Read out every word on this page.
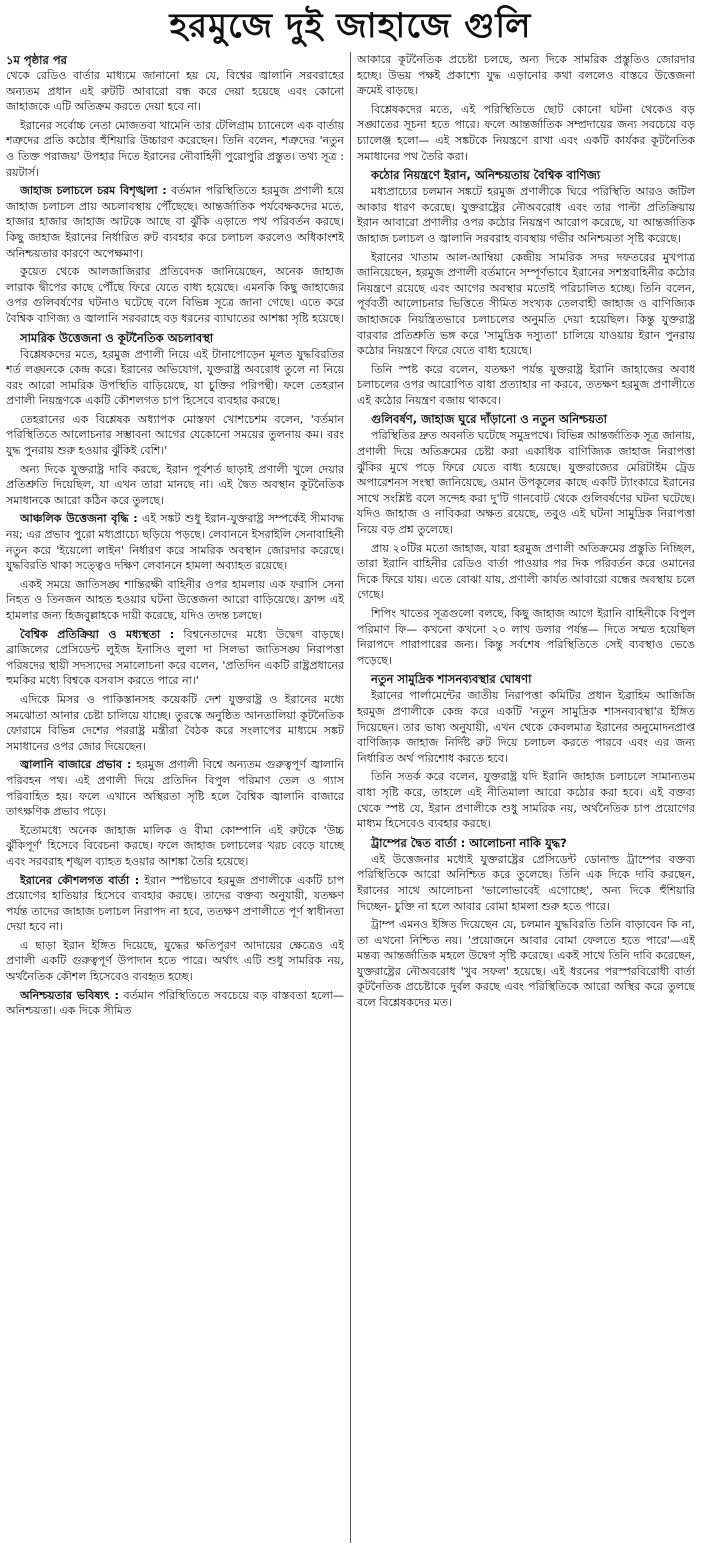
হরমুজে দুই জাহাজে গুলি
১ম পৃষ্ঠার পর

থেকে রেডিও বার্তার মাধ্যমে জানানো হয় যে, বিশ্বের জ্বালানি সরবরাহের অন্যতম প্রধান এই রুটটি আবারো বন্ধ করে দেয়া হয়েছে এবং কোনো জাহাজকে এটি অতিক্রম করতে দেয়া হবে না।

ইরানের সর্বোচ্চ নেতা মোজতবা খামেনি তার টেলিগ্রাম চ্যানেলে এক বার্তায় শত্রুদের প্রতি কঠোর হুঁশিয়ারি উচ্চারণ করেছেন। তিনি বলেন, শত্রুদের 'নতুন ও তিক্ত পরাজয়' উপহার দিতে ইরানের নৌবাহিনী পুরোপুরি প্রস্তুত। তথ্য সূত্র : রয়টার্স।

জাহাজ চলাচলে চরম বিশৃঙ্খলা : বর্তমান পরিস্থিতিতে হরমুজ প্রণালী হয়ে জাহাজ চলাচল প্রায় অচলাবস্থায় পৌঁছেছে। আন্তর্জাতিক পর্যবেক্ষকদের মতে, হাজার হাজার জাহাজ আটকে আছে বা ঝুঁকি এড়াতে পথ পরিবর্তন করছে। কিছু জাহাজ ইরানের নির্ধারিত রুট ব্যবহার করে চলাচল করলেও অধিকাংশই অনিশ্চয়তার কারণে অপেক্ষমাণ।

কুয়েত থেকে আলজাজিরার প্রতিবেদক জানিয়েছেন, অনেক জাহাজ লারাক দ্বীপের কাছে পৌঁছে ফিরে যেতে বাধ্য হয়েছে। এমনকি কিছু জাহাজের ওপর গুলিবর্ষণের ঘটনাও ঘটেছে বলে বিভিন্ন সূত্রে জানা গেছে। এতে করে বৈশ্বিক বাণিজ্য ও জ্বালানি সরবরাহে বড় ধরনের ব্যাঘাতের আশঙ্কা সৃষ্টি হয়েছে।

সামরিক উত্তেজনা ও কূটনৈতিক অচলাবস্থা

বিশ্লেষকদের মতে, হরমুজ প্রণালী নিয়ে এই টানাপোড়েন মূলত যুদ্ধবিরতির শর্ত লঙ্ঘনকে কেন্দ্র করে। ইরানের অভিযোগ, যুক্তরাষ্ট্র অবরোধ তুলে না নিয়ে বরং আরো সামরিক উপস্থিতি বাড়িয়েছে, যা চুক্তির পরিপন্থী। ফলে তেহরান প্রণালী নিয়ন্ত্রণকে একটি কৌশলগত চাপ হিসেবে ব্যবহার করছে।

তেহরানের এক বিশ্লেষক অধ্যাপক মোস্তফা খোশচেশম বলেন, 'বর্তমান পরিস্থিতিতে আলোচনার সম্ভাবনা আগের যেকোনো সময়ের তুলনায় কম। বরং যুদ্ধ পুনরায় শুরু হওয়ার ঝুঁকিই বেশি।'

অন্য দিকে যুক্তরাষ্ট্র দাবি করছে, ইরান পূর্বশর্ত ছাড়াই প্রণালী খুলে দেয়ার প্রতিশ্রুতি দিয়েছিল, যা এখন তারা মানছে না। এই দ্বৈত অবস্থান কূটনৈতিক সমাধানকে আরো কঠিন করে তুলছে।

আঞ্চলিক উত্তেজনা বৃদ্ধি : এই সঙ্কট শুধু ইরান-যুক্তরাষ্ট্র সম্পর্কেই সীমাবদ্ধ নয়; এর প্রভাব পুরো মধ্যপ্রাচ্যে ছড়িয়ে পড়ছে। লেবাননে ইসরাইলি সেনাবাহিনী নতুন করে 'ইয়েলো লাইন' নির্ধারণ করে সামরিক অবস্থান জোরদার করেছে। যুদ্ধবিরতি থাকা সত্ত্বেও দক্ষিণ লেবাননে হামলা অব্যাহত রয়েছে।

একই সময়ে জাতিসঙ্ঘ শান্তিরক্ষী বাহিনীর ওপর হামলায় এক ফরাসি সেনা নিহত ও তিনজন আহত হওয়ার ঘটনা উত্তেজনা আরো বাড়িয়েছে। ফ্রান্স এই হামলার জন্য হিজবুল্লাহকে দায়ী করেছে, যদিও তদন্ত চলছে।

বৈশ্বিক প্রতিক্রিয়া ও মধ্যস্থতা : বিশ্বনেতাদের মধ্যে উদ্বেগ বাড়ছে। ব্রাজিলের প্রেসিডেন্ট লুইজ ইনাসিও লুলা দা সিলভা জাতিসঙ্ঘ নিরাপত্তা পরিষদের স্থায়ী সদস্যদের সমালোচনা করে বলেন, 'প্রতিদিন একটি রাষ্ট্রপ্রধানের হুমকির মধ্যে বিশ্বকে বসবাস করতে পারে না।'

এদিকে মিসর ও পাকিস্তানসহ কয়েকটি দেশ যুক্তরাষ্ট্র ও ইরানের মধ্যে সমঝোতা আনার চেষ্টা চালিয়ে যাচ্ছে। তুরস্কে অনুষ্ঠিত আনতালিয়া কূটনৈতিক ফোরামে বিভিন্ন দেশের পররাষ্ট্র মন্ত্রীরা বৈঠক করে সংলাপের মাধ্যমে সঙ্কট সমাধানের ওপর জোর দিয়েছেন।

জ্বালানি বাজারে প্রভাব : হরমুজ প্রণালী বিশ্বে অন্যতম গুরুত্বপূর্ণ জ্বালানি পরিবহন পথ। এই প্রণালী দিয়ে প্রতিদিন বিপুল পরিমাণ তেল ও গ্যাস পরিবাহিত হয়। ফলে এখানে অস্থিরতা সৃষ্টি হলে বৈশ্বিক জ্বালানি বাজারে তাৎক্ষণিক প্রভাব পড়ে।

ইতোমধ্যে অনেক জাহাজ মালিক ও বীমা কোম্পানি এই রুটকে 'উচ্চ ঝুঁকিপূর্ণ' হিসেবে বিবেচনা করছে। ফলে জাহাজ চলাচলের খরচ বেড়ে যাচ্ছে এবং সরবরাহ শৃঙ্খল ব্যাহত হওয়ার আশঙ্কা তৈরি হয়েছে।

ইরানের কৌশলগত বার্তা : ইরান স্পষ্টভাবে হরমুজ প্রণালীকে একটি চাপ প্রয়োগের হাতিয়ার হিসেবে ব্যবহার করছে। তাদের বক্তব্য অনুযায়ী, যতক্ষণ পর্যন্ত তাদের জাহাজ চলাচল নিরাপদ না হবে, ততক্ষণ প্রণালীতে পূর্ণ স্বাধীনতা দেয়া হবে না।

এ ছাড়া ইরান ইঙ্গিত দিয়েছে, যুদ্ধের ক্ষতিপূরণ আদায়ের ক্ষেত্রেও এই প্রণালী একটি গুরুত্বপূর্ণ উপাদান হতে পারে। অর্থাৎ এটি শুধু সামরিক নয়, অর্থনৈতিক কৌশল হিসেবেও ব্যবহৃত হচ্ছে।

অনিশ্চয়তার ভবিষ্যৎ : বর্তমান পরিস্থিতিতে সবচেয়ে বড় বাস্তবতা হলো— অনিশ্চয়তা। এক দিকে সীমিত

আকারে কূটনৈতিক প্রচেষ্টা চলছে, অন্য দিকে সামরিক প্রস্তুতিও জোরদার হচ্ছে। উভয় পক্ষই প্রকাশ্যে যুদ্ধ এড়ানোর কথা বললেও বাস্তবে উত্তেজনা ক্রমেই বাড়ছে।

বিশ্লেষকদের মতে, এই পরিস্থিতিতে ছোট কোনো ঘটনা থেকেও বড় সঙ্ঘাতের সূচনা হতে পারে। ফলে আন্তর্জাতিক সম্প্রদায়ের জন্য সবচেয়ে বড় চ্যালেঞ্জ হলো— এই সঙ্কটকে নিয়ন্ত্রণে রাখা এবং একটি কার্যকর কূটনৈতিক সমাধানের পথ তৈরি করা।

কঠোর নিয়ন্ত্রণে ইরান, অনিশ্চয়তায় বৈশ্বিক বাণিজ্য

মধ্যপ্রাচ্যের চলমান সঙ্কটে হরমুজ প্রণালীকে ঘিরে পরিস্থিতি আরও জটিল আকার ধারণ করেছে। যুক্তরাষ্ট্রের নৌঅবরোধ এবং তার পাল্টা প্রতিক্রিয়ায় ইরান আবারো প্রণালীর ওপর কঠোর নিয়ন্ত্রণ আরোপ করেছে, যা আন্তর্জাতিক জাহাজ চলাচল ও জ্বালানি সরবরাহ ব্যবস্থায় গভীর অনিশ্চয়তা সৃষ্টি করেছে।

ইরানের খাতাম আল-আম্বিয়া কেন্দ্রীয় সামরিক সদর দফতরের মুখপাত্র জানিয়েছেন, হরমুজ প্রণালী বর্তমানে সম্পূর্ণভাবে ইরানের সশস্ত্রবাহিনীর কঠোর নিয়ন্ত্রণে রয়েছে এবং আগের অবস্থার মতোই পরিচালিত হচ্ছে। তিনি বলেন, পূর্ববর্তী আলোচনার ভিত্তিতে সীমিত সংখ্যক তেলবাহী জাহাজ ও বাণিজ্যিক জাহাজকে নিয়ন্ত্রিতভাবে চলাচলের অনুমতি দেয়া হয়েছিল। কিন্তু যুক্তরাষ্ট্র বারবার প্রতিশ্রুতি ভঙ্গ করে 'সামুদ্রিক দস্যুতা' চালিয়ে যাওয়ায় ইরান পুনরায় কঠোর নিয়ন্ত্রণে ফিরে যেতে বাধ্য হয়েছে।

তিনি স্পষ্ট করে বলেন, যতক্ষণ পর্যন্ত যুক্তরাষ্ট্র ইরানি জাহাজের অবাধ চলাচলের ওপর আরোপিত বাধা প্রত্যাহার না করবে, ততক্ষণ হরমুজ প্রণালীতে এই কঠোর নিয়ন্ত্রণ বজায় থাকবে।

গুলিবর্ষণ, জাহাজ ঘুরে দাঁড়ানো ও নতুন অনিশ্চয়তা

পরিস্থিতির দ্রুত অবনতি ঘটেছে সমুদ্রপথে। বিভিন্ন আন্তর্জাতিক সূত্র জানায়, প্রণালী দিয়ে অতিক্রমের চেষ্টা করা একাধিক বাণিজ্যিক জাহাজ নিরাপত্তা ঝুঁকির মুখে পড়ে ফিরে যেতে বাধ্য হয়েছে। যুক্তরাজ্যের মেরিটাইম ট্রেড অপারেশনস সংস্থা জানিয়েছে, ওমান উপকূলের কাছে একটি ট্যাংকারে ইরানের সাথে সংশ্লিষ্ট বলে সন্দেহ করা দু'টি গানবোট থেকে গুলিবর্ষণের ঘটনা ঘটেছে। যদিও জাহাজ ও নাবিকরা অক্ষত রয়েছে, তবুও এই ঘটনা সামুদ্রিক নিরাপত্তা নিয়ে বড় প্রশ্ন তুলেছে।

প্রায় ২০টির মতো জাহাজ, যারা হরমুজ প্রণালী অতিক্রমের প্রস্তুতি নিচ্ছিল, তারা ইরানি বাহিনীর রেডিও বার্তা পাওয়ার পর দিক পরিবর্তন করে ওমানের দিকে ফিরে যায়। এতে বোঝা যায়, প্রণালী কার্যত আবারো বন্ধের অবস্থায় চলে গেছে।

শিপিং খাতের সূত্রগুলো বলছে, কিছু জাহাজ আগে ইরানি বাহিনীকে বিপুল পরিমাণ ফি— কখনো কখনো ২০ লাখ ডলার পর্যন্ত— দিতে সম্মত হয়েছিল নিরাপদে পারাপারের জন্য। কিন্তু সর্বশেষ পরিস্থিতিতে সেই ব্যবস্থাও ভেঙে পড়েছে।

নতুন সামুদ্রিক শাসনব্যবস্থার ঘোষণা

ইরানের পার্লামেন্টের জাতীয় নিরাপত্তা কমিটির প্রধান ইব্রাহিম আজিজি হরমুজ প্রণালীকে কেন্দ্র করে একটি 'নতুন সামুদ্রিক শাসনব্যবস্থা'র ইঙ্গিত দিয়েছেন। তার ভাষ্য অনুযায়ী, এখন থেকে কেবলমাত্র ইরানের অনুমোদনপ্রাপ্ত বাণিজ্যিক জাহাজ নির্দিষ্ট রুট দিয়ে চলাচল করতে পারবে এবং এর জন্য নির্ধারিত অর্থ পরিশোধ করতে হবে।

তিনি সতর্ক করে বলেন, যুক্তরাষ্ট্র যদি ইরানি জাহাজ চলাচলে সামান্যতম বাধা সৃষ্টি করে, তাহলে এই নীতিমালা আরো কঠোর করা হবে। এই বক্তব্য থেকে স্পষ্ট যে, ইরান প্রণালীকে শুধু সামরিক নয়, অর্থনৈতিক চাপ প্রয়োগের মাধ্যম হিসেবেও ব্যবহার করছে।

ট্রাম্পের দ্বৈত বার্তা : আলোচনা নাকি যুদ্ধ?

এই উত্তেজনার মধ্যেই যুক্তরাষ্ট্রের প্রেসিডেন্ট ডোনাল্ড ট্রাম্পের বক্তব্য পরিস্থিতিকে আরো অনিশ্চিত করে তুলেছে। তিনি এক দিকে দাবি করছেন, ইরানের সাথে আলোচনা 'ভালোভাবেই এগোচ্ছে', অন্য দিকে হুঁশিয়ারি দিচ্ছেন- চুক্তি না হলে আবার বোমা হামলা শুরু হতে পারে।

ট্রাম্প এমনও ইঙ্গিত দিয়েছেন যে, চলমান যুদ্ধবিরতি তিনি বাড়াবেন কি না, তা এখনো নিশ্চিত নয়। 'প্রয়োজনে আবার বোমা ফেলতে হতে পারে'—এই মন্তব্য আন্তর্জাতিক মহলে উদ্বেগ সৃষ্টি করেছে। একই সাথে তিনি দাবি করেছেন, যুক্তরাষ্ট্রের নৌঅবরোধ 'খুব সফল' হয়েছে। এই ধরনের পরস্পরবিরোধী বার্তা কূটনৈতিক প্রচেষ্টাকে দুর্বল করছে এবং পরিস্থিতিকে আরো অস্থির করে তুলছে বলে বিশ্লেষকদের মত।
